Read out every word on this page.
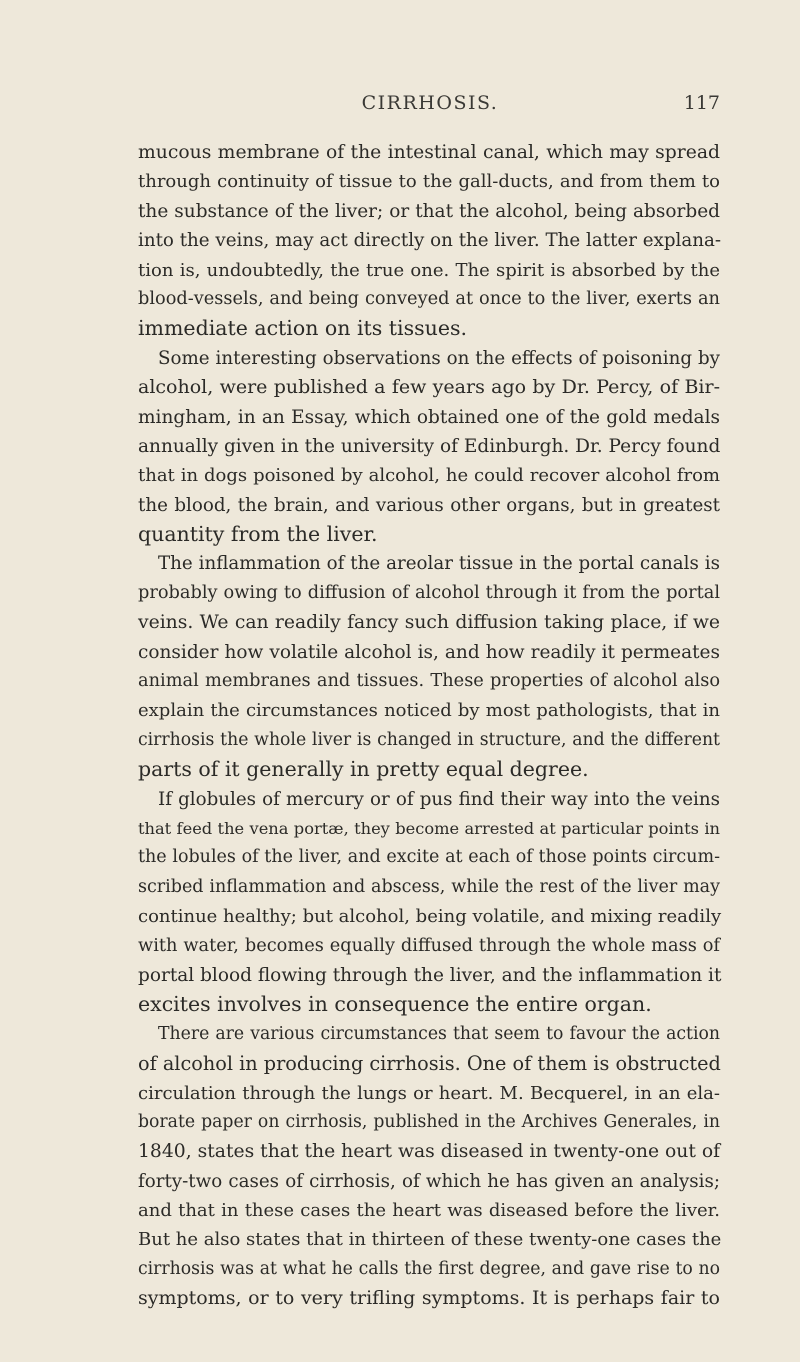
CIRRHOSIS.	117
mucous membrane of the intestinal canal, which may spread
through continuity of tissue to the gall-ducts, and from them to
the substance of the liver; or that the alcohol, being absorbed
into the veins, may act directly on the liver. The latter explana-
tion is, undoubtedly, the true one. The spirit is absorbed by the
blood-vessels, and being conveyed at once to the liver, exerts an
immediate action on its tissues.
Some interesting observations on the effects of poisoning by
alcohol, were published a few years ago by Dr. Percy, of Bir-
mingham, in an Essay, which obtained one of the gold medals
annually given in the university of Edinburgh. Dr. Percy found
that in dogs poisoned by alcohol, he could recover alcohol from
the blood, the brain, and various other organs, but in greatest
quantity from the liver.
The inflammation of the areolar tissue in the portal canals is
probably owing to diffusion of alcohol through it from the portal
veins. We can readily fancy such diffusion taking place, if we
consider how volatile alcohol is, and how readily it permeates
animal membranes and tissues. These properties of alcohol also
explain the circumstances noticed by most pathologists, that in
cirrhosis the whole liver is changed in structure, and the different
parts of it generally in pretty equal degree.
If globules of mercury or of pus find their way into the veins
that feed the vena portæ, they become arrested at particular points in
the lobules of the liver, and excite at each of those points circum-
scribed inflammation and abscess, while the rest of the liver may
continue healthy; but alcohol, being volatile, and mixing readily
with water, becomes equally diffused through the whole mass of
portal blood flowing through the liver, and the inflammation it
excites involves in consequence the entire organ.
There are various circumstances that seem to favour the action
of alcohol in producing cirrhosis. One of them is obstructed
circulation through the lungs or heart. M. Becquerel, in an ela-
borate paper on cirrhosis, published in the Archives Generales, in
1840, states that the heart was diseased in twenty-one out of
forty-two cases of cirrhosis, of which he has given an analysis;
and that in these cases the heart was diseased before the liver.
But he also states that in thirteen of these twenty-one cases the
cirrhosis was at what he calls the first degree, and gave rise to no
symptoms, or to very trifling symptoms. It is perhaps fair to
